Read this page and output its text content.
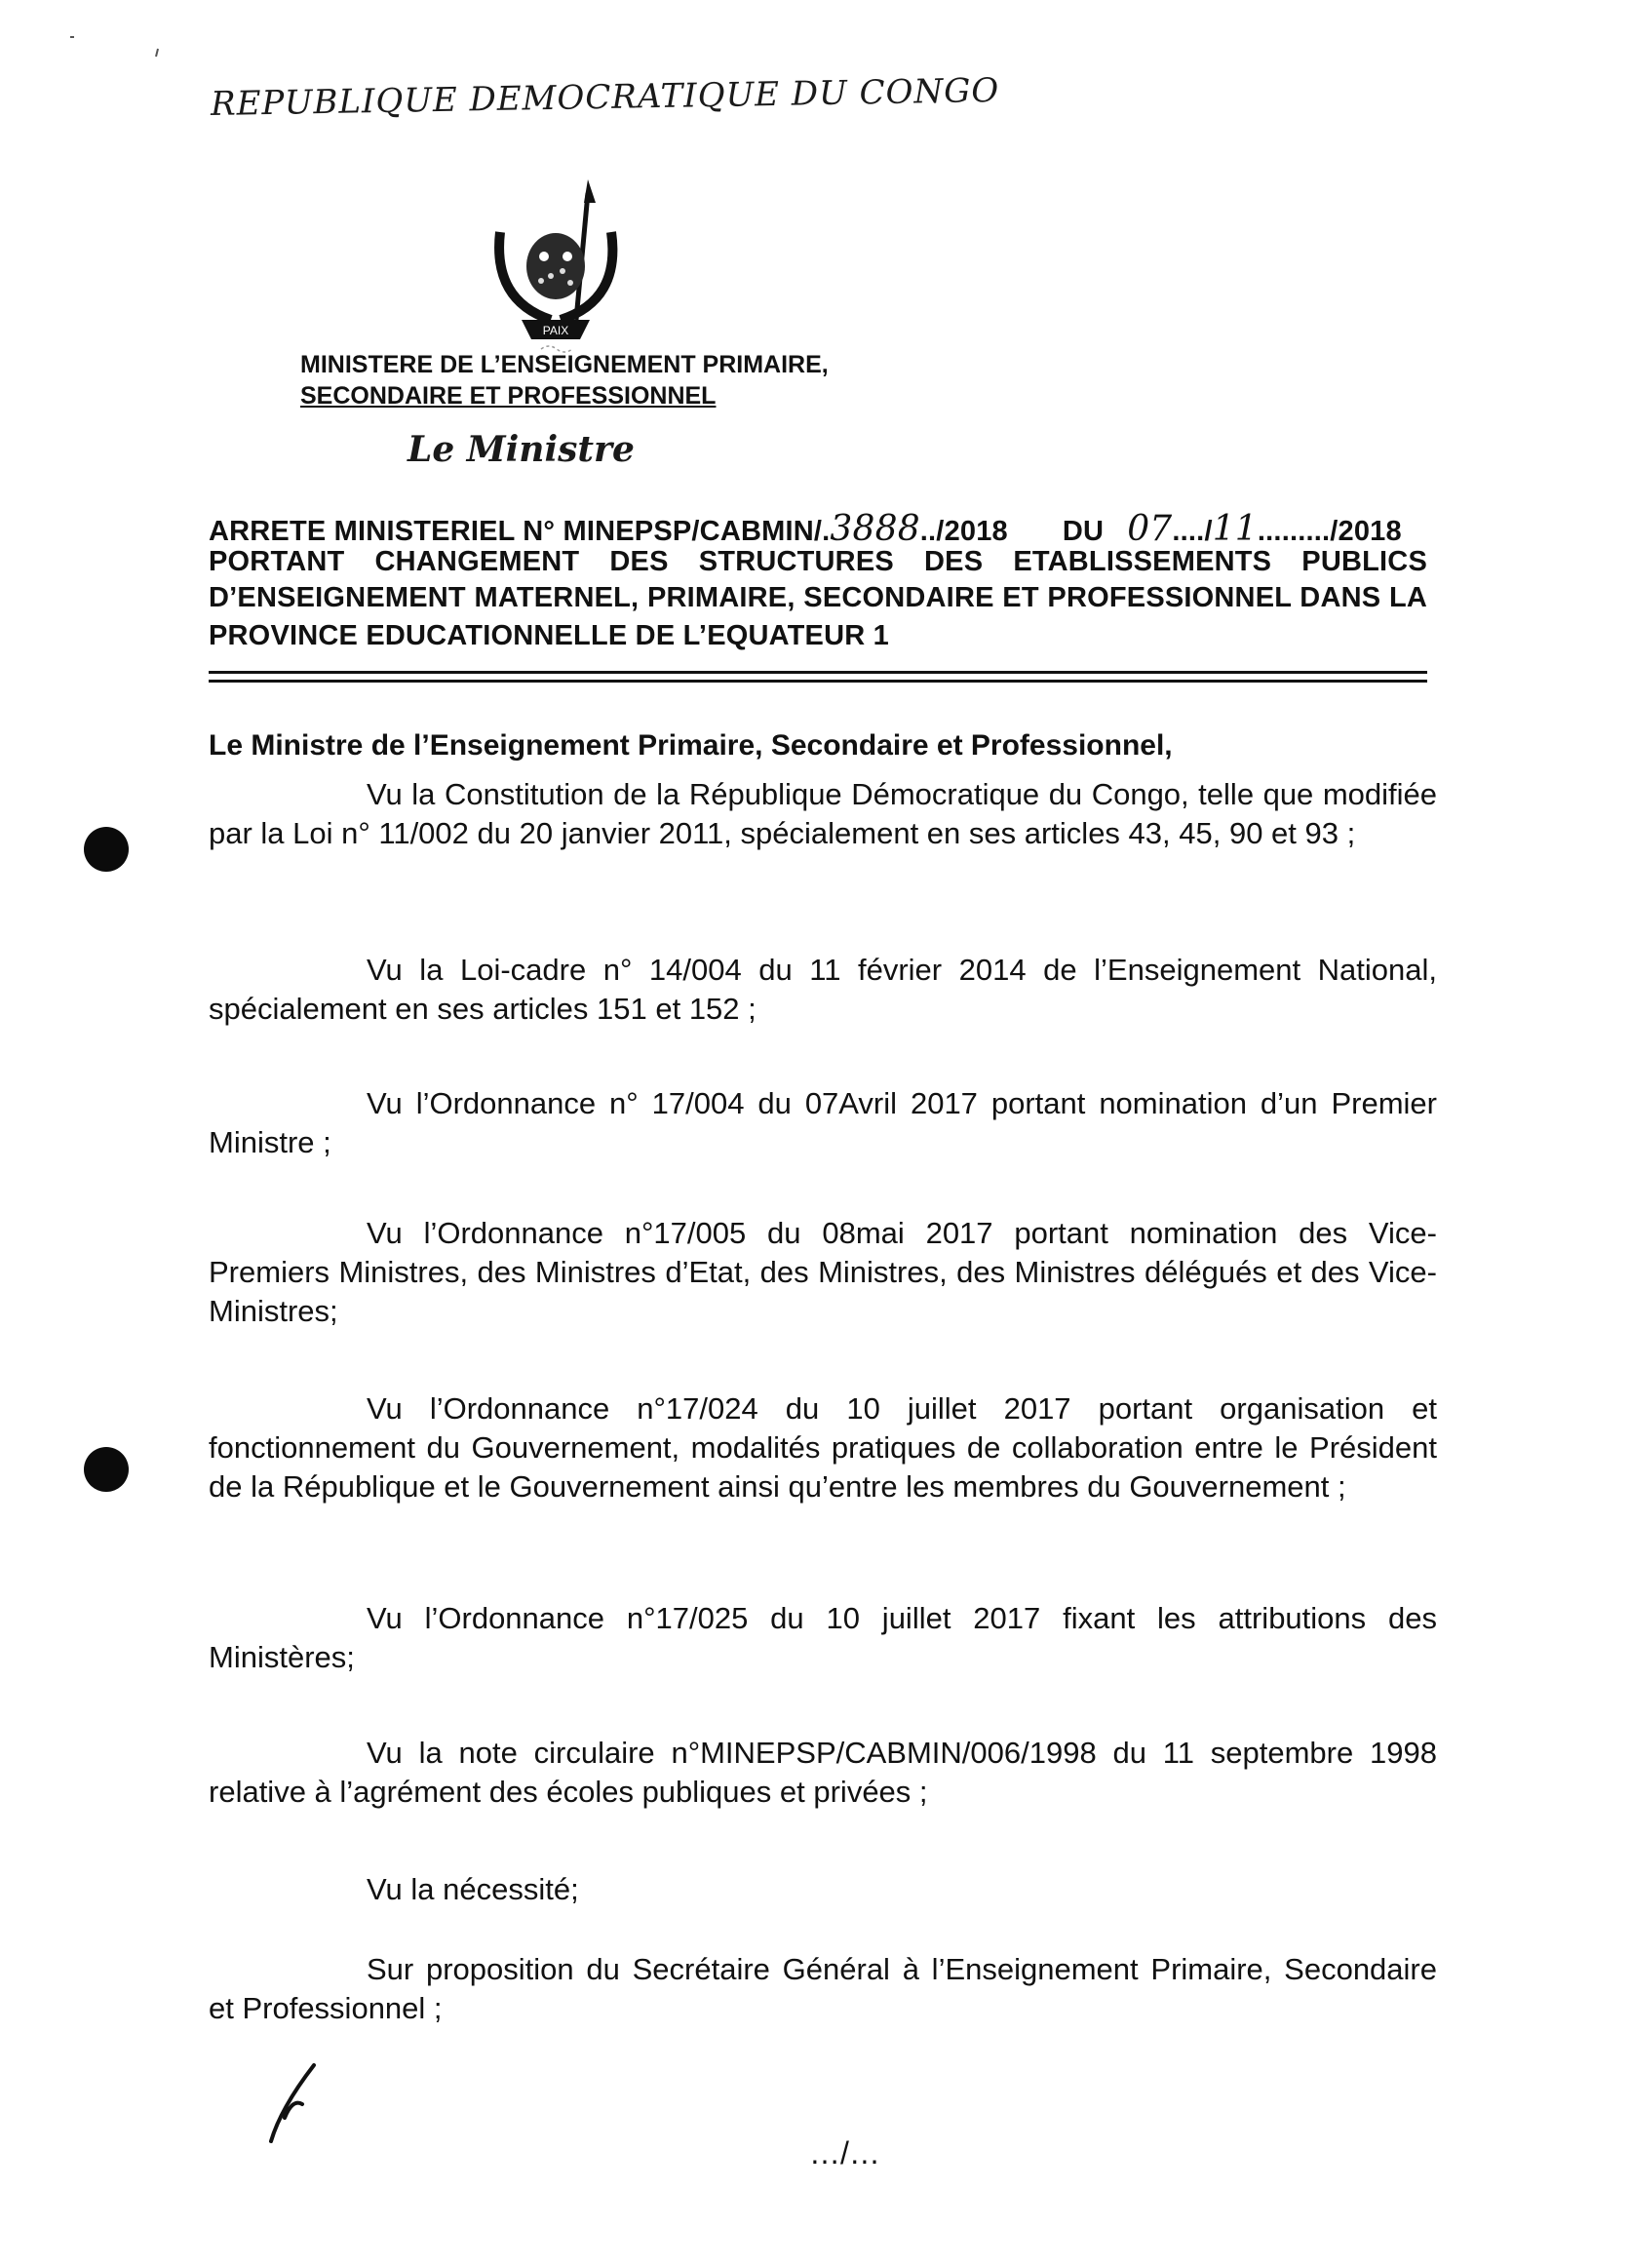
REPUBLIQUE DEMOCRATIQUE DU CONGO
PAIX
MINISTERE DE L’ENSEIGNEMENT PRIMAIRE,
SECONDAIRE ET PROFESSIONNEL
Le Ministre
ARRETE MINISTERIEL N° MINEPSP/CABMIN/.3888../2018 DU 07..../11........./2018
PORTANT CHANGEMENT DES STRUCTURES DES ETABLISSEMENTS PUBLICS
D’ENSEIGNEMENT MATERNEL, PRIMAIRE, SECONDAIRE ET PROFESSIONNEL DANS LA
PROVINCE EDUCATIONNELLE DE L’EQUATEUR 1
Le Ministre de l’Enseignement Primaire, Secondaire et Professionnel,
Vu la Constitution de la République Démocratique du Congo, telle que modifiée par la Loi n° 11/002 du 20 janvier 2011, spécialement en ses articles 43, 45, 90 et 93 ;
Vu la Loi-cadre n° 14/004 du 11 février 2014 de l’Enseignement National, spécialement en ses articles 151 et 152 ;
Vu l’Ordonnance n° 17/004 du 07Avril 2017 portant nomination d’un Premier Ministre ;
Vu l’Ordonnance n°17/005 du 08mai 2017 portant nomination des Vice-Premiers Ministres, des Ministres d’Etat, des Ministres, des Ministres délégués et des Vice-Ministres;
Vu l’Ordonnance n°17/024 du 10 juillet 2017 portant organisation et fonctionnement du Gouvernement, modalités pratiques de collaboration entre le Président de la République et le Gouvernement ainsi qu’entre les membres du Gouvernement ;
Vu l’Ordonnance n°17/025 du 10 juillet 2017 fixant les attributions des Ministères;
Vu la note circulaire n°MINEPSP/CABMIN/006/1998 du 11 septembre 1998 relative à l’agrément des écoles publiques et privées ;
Vu la nécessité;
Sur proposition du Secrétaire Général à l’Enseignement Primaire, Secondaire et Professionnel ;
…/…
